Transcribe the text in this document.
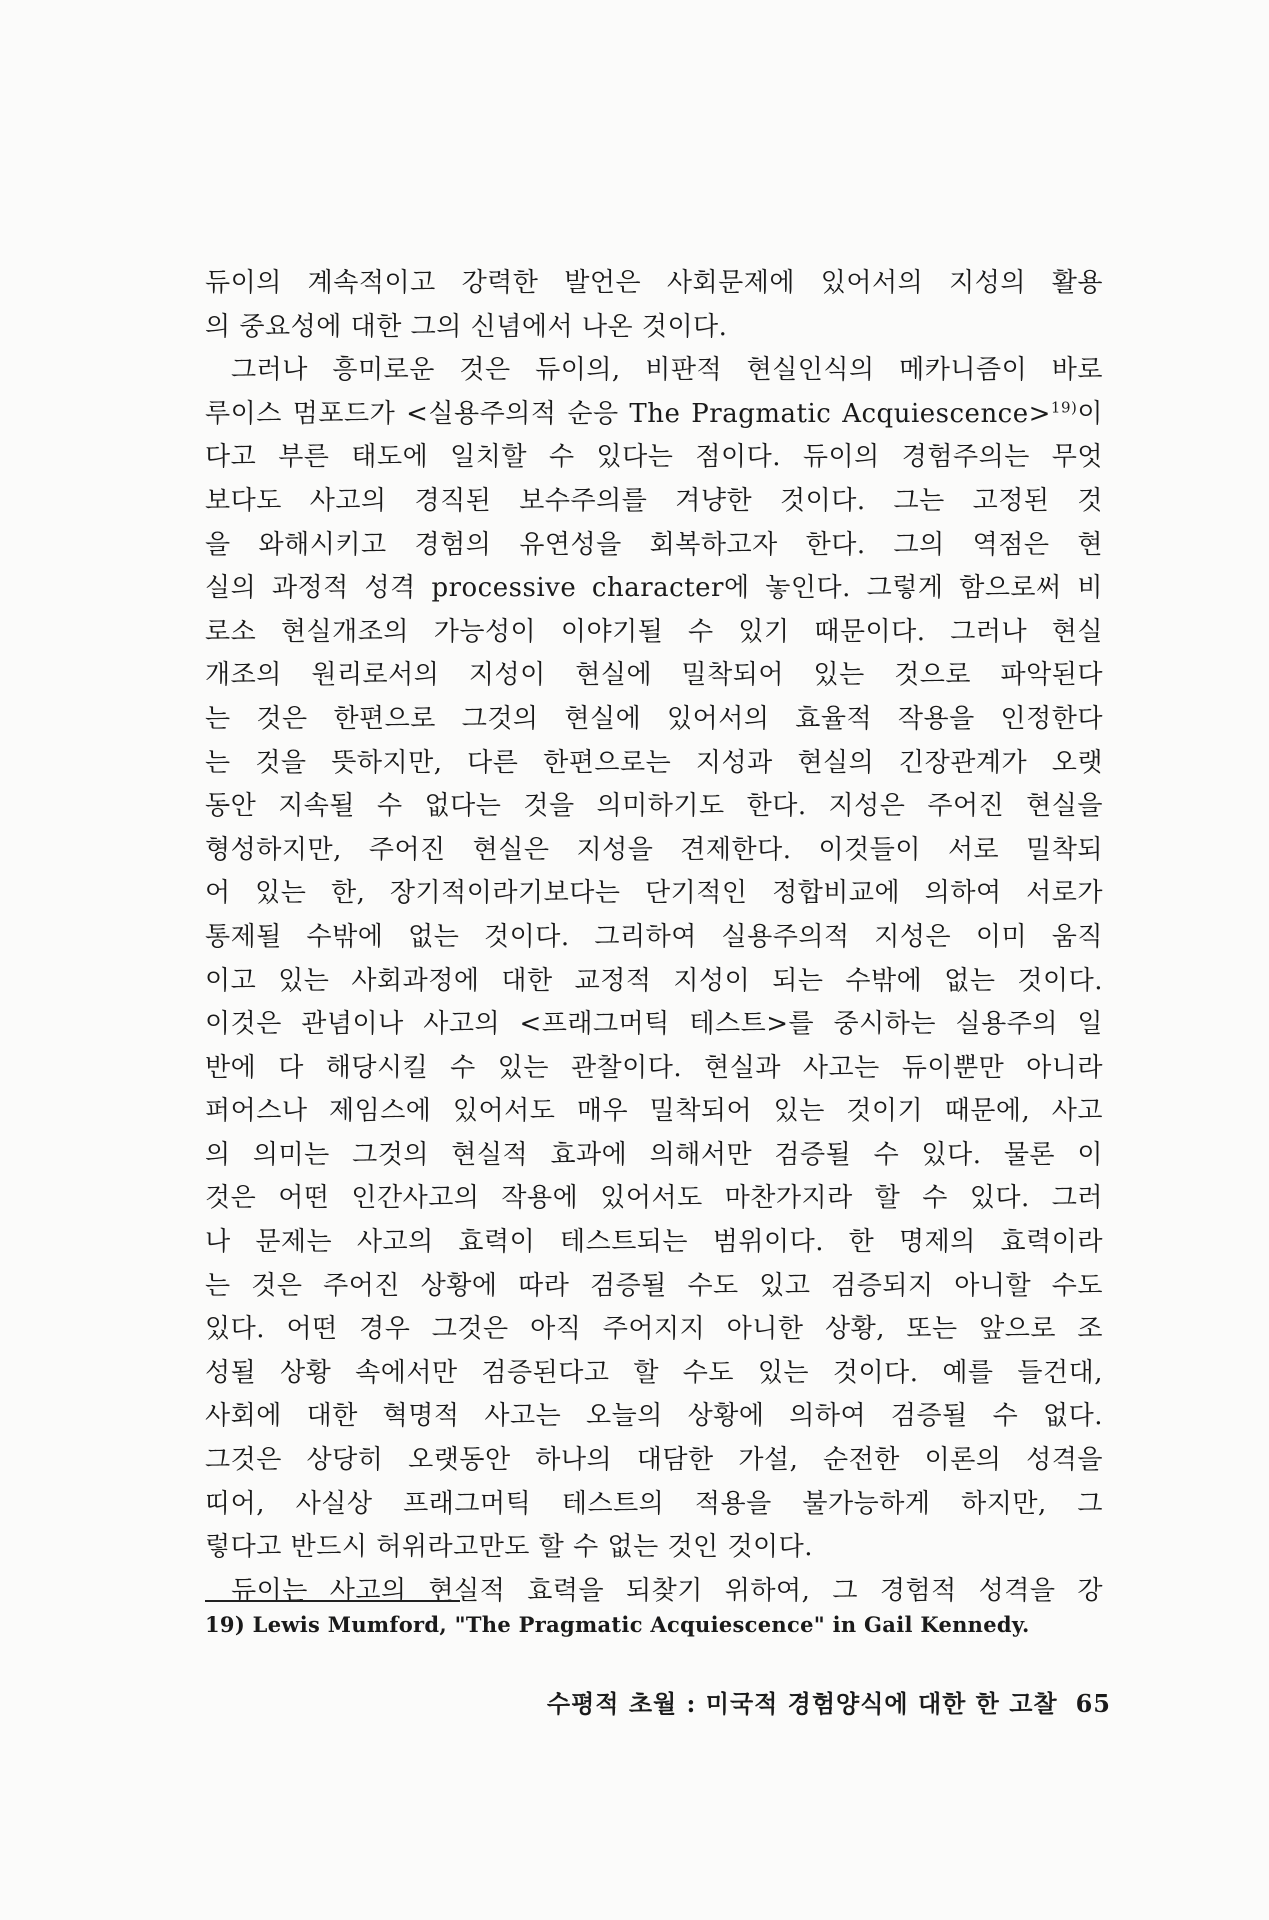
듀이의 계속적이고 강력한 발언은 사회문제에 있어서의 지성의 활용
의 중요성에 대한 그의 신념에서 나온 것이다.
그러나 흥미로운 것은 듀이의, 비판적 현실인식의 메카니즘이 바로
루이스 멈포드가 <실용주의적 순응 The Pragmatic Acquiescence>$^{19)}$이
다고 부른 태도에 일치할 수 있다는 점이다. 듀이의 경험주의는 무엇
보다도 사고의 경직된 보수주의를 겨냥한 것이다. 그는 고정된 것
을 와해시키고 경험의 유연성을 회복하고자 한다. 그의 역점은 현
실의 과정적 성격 processive character에 놓인다. 그렇게 함으로써 비
로소 현실개조의 가능성이 이야기될 수 있기 때문이다. 그러나 현실
개조의 원리로서의 지성이 현실에 밀착되어 있는 것으로 파악된다
는 것은 한편으로 그것의 현실에 있어서의 효율적 작용을 인정한다
는 것을 뜻하지만, 다른 한편으로는 지성과 현실의 긴장관계가 오랫
동안 지속될 수 없다는 것을 의미하기도 한다. 지성은 주어진 현실을
형성하지만, 주어진 현실은 지성을 견제한다. 이것들이 서로 밀착되
어 있는 한, 장기적이라기보다는 단기적인 정합비교에 의하여 서로가
통제될 수밖에 없는 것이다. 그리하여 실용주의적 지성은 이미 움직
이고 있는 사회과정에 대한 교정적 지성이 되는 수밖에 없는 것이다.
이것은 관념이나 사고의 <프래그머틱 테스트>를 중시하는 실용주의 일
반에 다 해당시킬 수 있는 관찰이다. 현실과 사고는 듀이뿐만 아니라
퍼어스나 제임스에 있어서도 매우 밀착되어 있는 것이기 때문에, 사고
의 의미는 그것의 현실적 효과에 의해서만 검증될 수 있다. 물론 이
것은 어떤 인간사고의 작용에 있어서도 마찬가지라 할 수 있다. 그러
나 문제는 사고의 효력이 테스트되는 범위이다. 한 명제의 효력이라
는 것은 주어진 상황에 따라 검증될 수도 있고 검증되지 아니할 수도
있다. 어떤 경우 그것은 아직 주어지지 아니한 상황, 또는 앞으로 조
성될 상황 속에서만 검증된다고 할 수도 있는 것이다. 예를 들건대,
사회에 대한 혁명적 사고는 오늘의 상황에 의하여 검증될 수 없다.
그것은 상당히 오랫동안 하나의 대담한 가설, 순전한 이론의 성격을
띠어, 사실상 프래그머틱 테스트의 적용을 불가능하게 하지만, 그
렇다고 반드시 허위라고만도 할 수 없는 것인 것이다.
듀이는 사고의 현실적 효력을 되찾기 위하여, 그 경험적 성격을 강
19) Lewis Mumford, "The Pragmatic Acquiescence" in Gail Kennedy.
수평적 초월 : 미국적 경험양식에 대한 한 고찰 65
